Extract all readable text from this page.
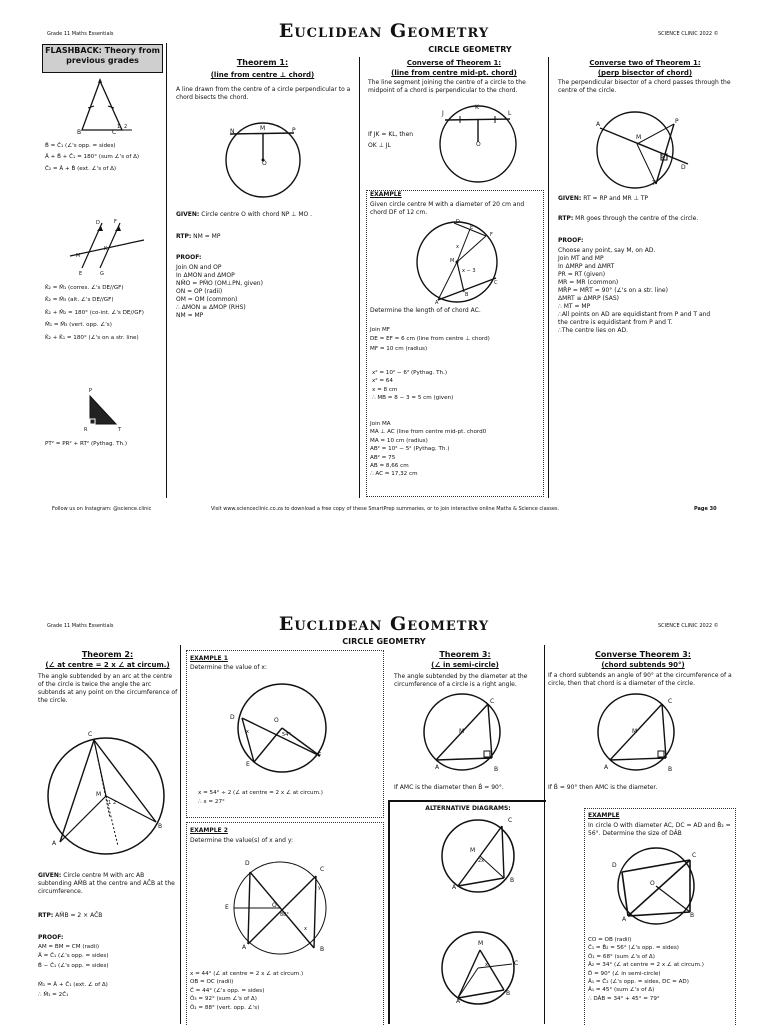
Grade 11 Maths Essentials	Euclidean Geometry	SCIENCE CLINIC 2022 ©
CIRCLE GEOMETRY
FLASHBACK: Theory from previous grades
A
B	C
1 2
B̂ = Ĉ₁ (∠'s opp. = sides)
Â + B̂ + Ĉ₁ = 180° (sum ∠'s of Δ)
Ĉ₂ = Â + B̂ (ext. ∠'s of Δ)
D	F
M
K
E	G
K̂₂ = M̂₁ (corres. ∠'s DE//GF)
K̂₂ = M̂₃ (alt. ∠'s DE//GF)
K̂₂ + M̂₂ = 180° (co-int. ∠'s DE//GF)
M̂₁ = M̂₃ (vert. opp. ∠'s)
K̂₂ + K̂₁ = 180° (∠'s on a str. line)
P
R	T
PT² = PR² + RT² (Pythag. Th.)
Theorem 1:
(line from centre ⊥ chord)
A line drawn from the centre of a circle perpendicular to a chord bisects the chord.
N	M	P
O
GIVEN: Circle centre O with chord NP ⊥ MO .
RTP: NM = MP
PROOF:
Join ON and OP
In ΔMON and ΔMOP
NM̂O = PM̂O (OM⊥PN, given)
ON = OP (radii)
OM = OM (common)
∴ ΔMON ≡ ΔMOP (RHS)
NM = MP
Converse of Theorem 1:
(line from centre mid-pt. chord)
The line segment joining the centre of a circle to the midpoint of a chord is perpendicular to the chord.
J
K
L
O
If JK = KL, then
OK ⊥ JL
EXAMPLE
Given circle centre M with a diameter of 20 cm and chord DF of 12 cm.
D
F
E
M
x
x − 3
C
B
A
Determine the length of of chord AC.
Join MF
DE = EF = 6 cm (line from centre ⊥ chord)
MF = 10 cm (radius)
x² = 10² − 6² (Pythag. Th.)
x² = 64
x = 8 cm
∴ MB = 8 − 3 = 5 cm (given)
Join MA
MA ⊥ AC (line from centre mid-pt. chord0
MA = 10 cm (radius)
AB² = 10² − 5² (Pythag. Th.)
AB² = 75
AB = 8,66 cm
∴ AC = 17,32 cm
Converse two of Theorem 1:
(perp bisector of chord)
The perpendicular bisector of a chord passes through the centre of the circle.
A	P
M
R
D
T
GIVEN: RT = RP and MR ⊥ TP
RTP: MR goes through the centre of the circle.
PROOF:
Choose any point, say M, on AD.
Join MT and MP
In ΔMRP and ΔMRT
PR = RT (given)
MR = MR (common)
MR̂P = MR̂T = 90° (∠'s on a str. line)
ΔMRT ≡ ΔMRP (SAS)
∴ MT = MP
∴All points on AD are equidistant from P and T and
the centre is equidistant from P and T.
∴The centre lies on AD.
Follow us on Instagram: @science.clinic	Visit www.scienceclinic.co.za to download a free copy of these SmartPrep summaries, or to join interactive online Maths & Science classes.	Page 30
Grade 11 Maths Essentials	Euclidean Geometry	SCIENCE CLINIC 2022 ©
CIRCLE GEOMETRY
Theorem 2:
(∠ at centre = 2 x ∠ at circum.)
The angle subtended by an arc at the centre of the circle is twice the angle the arc subtends at any point on the circumference of the circle.
C
M
A
B
1 2
GIVEN: Circle centre M with arc AB subtending AM̂B at the centre and AĈB at the circumference.
RTP: AM̂B = 2 × AĈB
PROOF:
AM = BM = CM (radii)
Â = Ĉ₁ (∠'s opp. = sides)
B̂ − Ĉ₁ (∠'s opp. = sides)
M̂₁ = Â + Ĉ₁ (ext. ∠ of Δ)
∴ M̂₁ = 2Ĉ₁
EXAMPLE 1
Determine the value of x:
D	O
E
F
x	54°
x = 54° ÷ 2 (∠ at centre = 2 x ∠ at circum.)
∴ x = 27°
EXAMPLE 2
Determine the value(s) of x and y:
D
C
E	O
A	B
y
x
88°
x = 44° (∠ at centre = 2 x ∠ at circum.)
OB = OC (radii)
Ĉ = 44° (∠'s opp. = sides)
Ô₃ = 92° (sum ∠'s of Δ)
Ô₂ = 88° (vert. opp. ∠'s)
Theorem 3:
(∠ in semi-circle)
The angle subtended by the diameter at the circumference of a circle is a right angle.
C
M
A	B
If AMC is the diameter then B̂ = 90°.
ALTERNATIVE DIAGRAMS:
C
M
A
B
2x
M
A
B
C
x
Converse Theorem 3:
(chord subtends 90°)
If a chord subtends an angle of 90° at the circumference of a circle, then that chord is a diameter of the circle.
C
M
A	B
If B̂ = 90° then AMC is the diameter.
EXAMPLE
In circle O with diameter AC, DC = AD and B̂₂ = 56°. Determine the size of DÂB
D
C
O
A
B
CO = OB (radii)
Ĉ₁ = B̂₂ = 56° (∠'s opp. = sides)
Ô₁ = 68° (sum ∠'s of Δ)
Â₂ = 34° (∠ at centre = 2 x ∠ at circum.)
D̂ = 90° (∠ in semi-circle)
Â₁ = Ĉ₂ (∠'s opp. = sides, DC = AD)
Â₁ = 45° (sum ∠'s of Δ)
∴ DÂB = 34° + 45° = 79°
